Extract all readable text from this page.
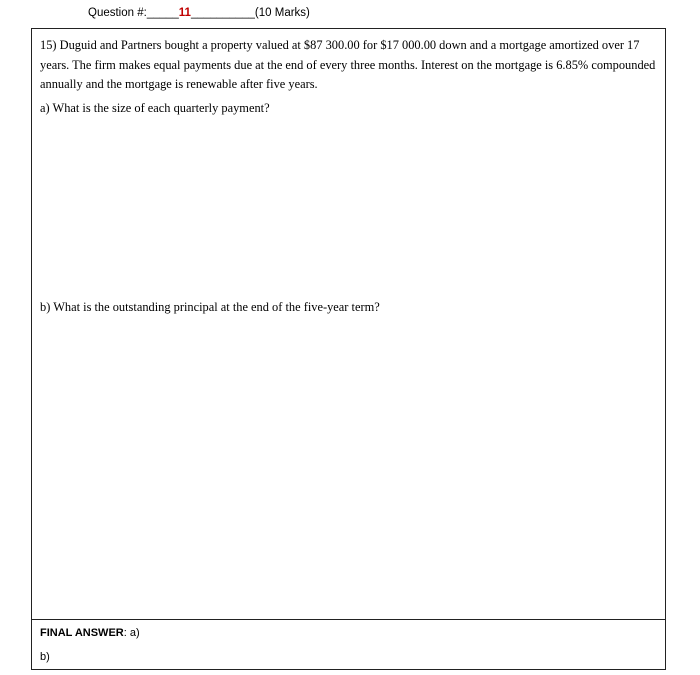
Question #:_____11__________(10 Marks)
15) Duguid and Partners bought a property valued at $87 300.00 for $17 000.00 down and a mortgage amortized over 17 years. The firm makes equal payments due at the end of every three months. Interest on the mortgage is 6.85% compounded annually and the mortgage is renewable after five years.
a) What is the size of each quarterly payment?
b) What is the outstanding principal at the end of the five-year term?
FINAL ANSWER: a)
b)
